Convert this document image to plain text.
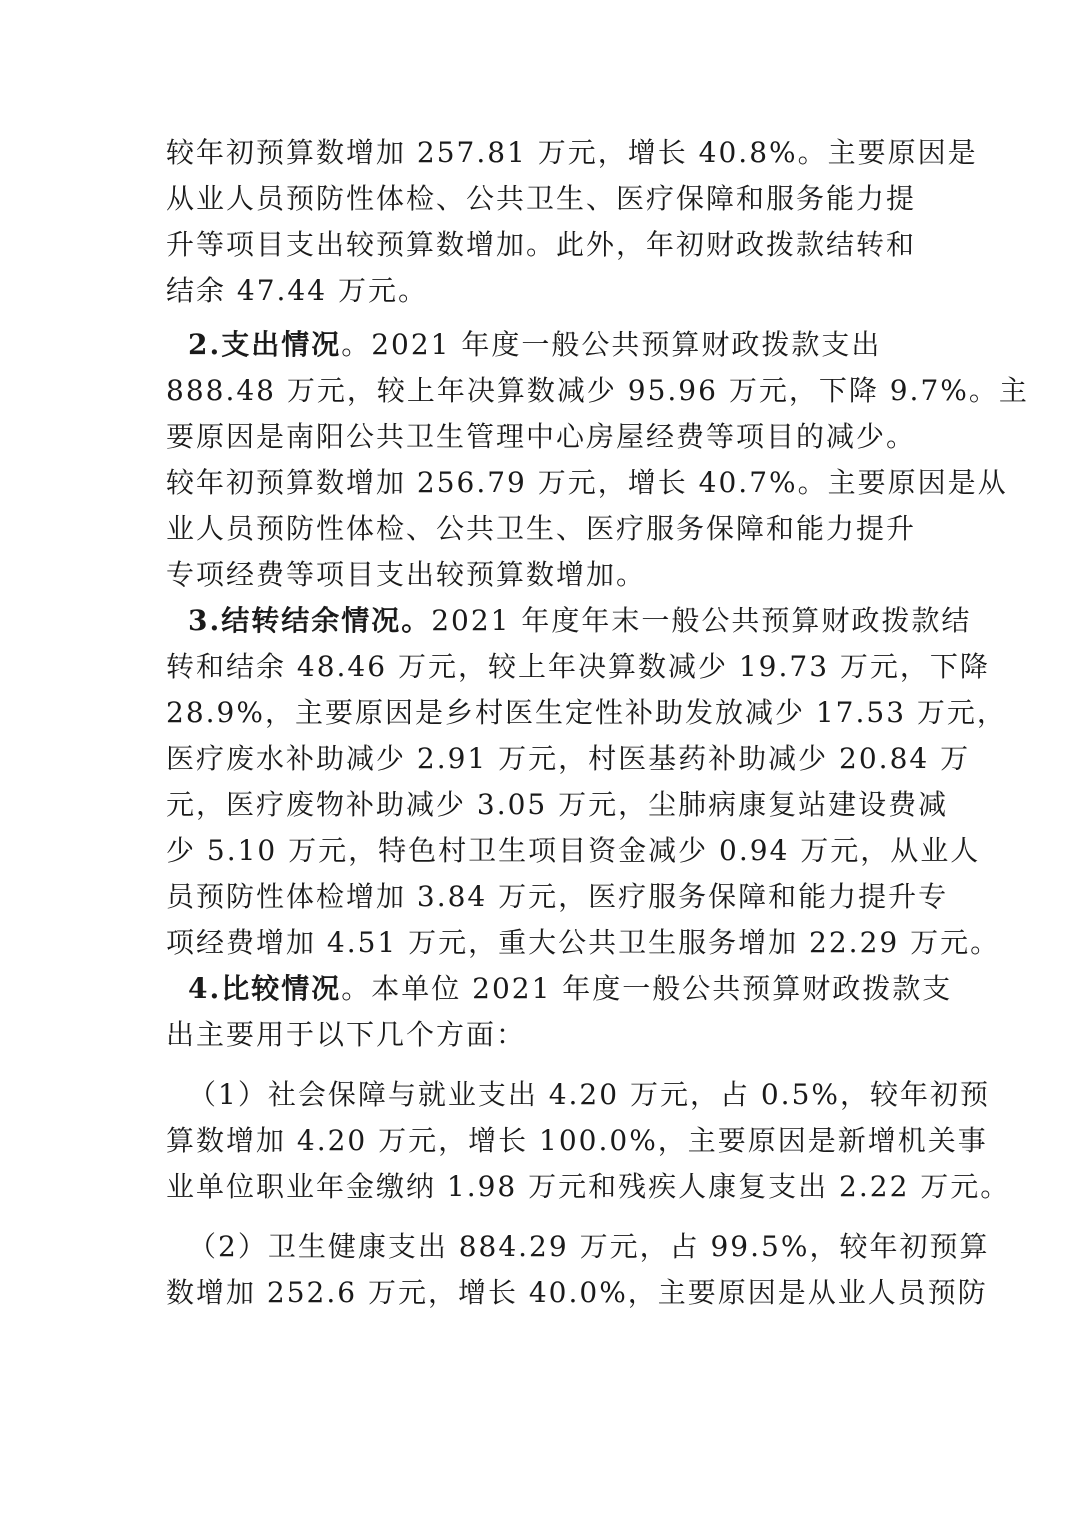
较年初预算数增加 257.81 万元，增长 40.8%。主要原因是
从业人员预防性体检、公共卫生、医疗保障和服务能力提
升等项目支出较预算数增加。此外，年初财政拨款结转和
结余 47.44 万元。
2.支出情况。2021 年度一般公共预算财政拨款支出
888.48 万元，较上年决算数减少 95.96 万元，下降 9.7%。主
要原因是南阳公共卫生管理中心房屋经费等项目的减少。
较年初预算数增加 256.79 万元，增长 40.7%。主要原因是从
业人员预防性体检、公共卫生、医疗服务保障和能力提升
专项经费等项目支出较预算数增加。
3.结转结余情况。2021 年度年末一般公共预算财政拨款结
转和结余 48.46 万元，较上年决算数减少 19.73 万元，下降
28.9%，主要原因是乡村医生定性补助发放减少 17.53 万元，
医疗废水补助减少 2.91 万元，村医基药补助减少 20.84 万
元，医疗废物补助减少 3.05 万元，尘肺病康复站建设费减
少 5.10 万元，特色村卫生项目资金减少 0.94 万元，从业人
员预防性体检增加 3.84 万元，医疗服务保障和能力提升专
项经费增加 4.51 万元，重大公共卫生服务增加 22.29 万元。
4.比较情况。本单位 2021 年度一般公共预算财政拨款支
出主要用于以下几个方面：
（1）社会保障与就业支出 4.20 万元，占 0.5%，较年初预
算数增加 4.20 万元，增长 100.0%，主要原因是新增机关事
业单位职业年金缴纳 1.98 万元和残疾人康复支出 2.22 万元。
（2）卫生健康支出 884.29 万元，占 99.5%，较年初预算
数增加 252.6 万元，增长 40.0%，主要原因是从业人员预防
